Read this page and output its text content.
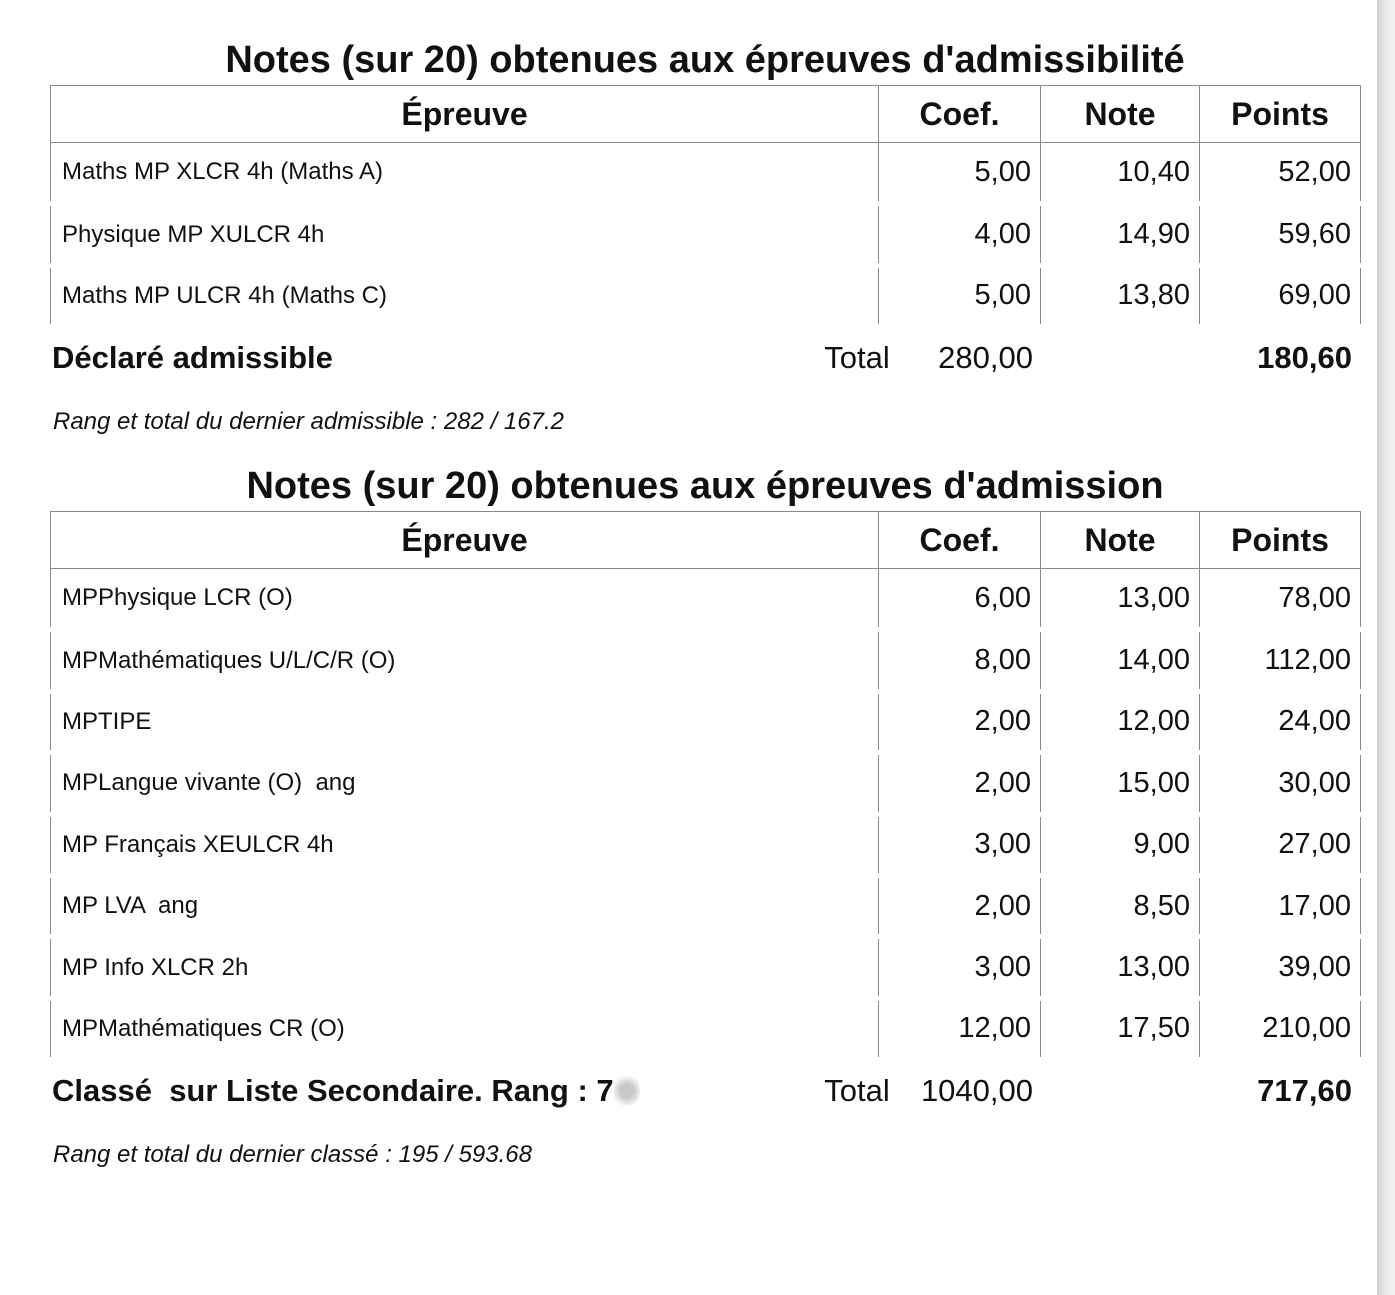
Notes (sur 20) obtenues aux épreuves d'admissibilité
Épreuve	Coef.	Note	Points
Maths MP XLCR 4h (Maths A)	5,00	10,40	52,00
Physique MP XULCR 4h	4,00	14,90	59,60
Maths MP ULCR 4h (Maths C)	5,00	13,80	69,00
Déclaré admissible	Total	280,00	180,60
Rang et total du dernier admissible : 282 / 167.2
Notes (sur 20) obtenues aux épreuves d'admission
Épreuve	Coef.	Note	Points
MPPhysique LCR (O)	6,00	13,00	78,00
MPMathématiques U/L/C/R (O)	8,00	14,00	112,00
MPTIPE	2,00	12,00	24,00
MPLangue vivante (O)  ang	2,00	15,00	30,00
MP Français XEULCR 4h	3,00	9,00	27,00
MP LVA  ang	2,00	8,50	17,00
MP Info XLCR 2h	3,00	13,00	39,00
MPMathématiques CR (O)	12,00	17,50	210,00
Classé  sur Liste Secondaire. Rang : 7	Total	1040,00	717,60
Rang et total du dernier classé : 195 / 593.68
